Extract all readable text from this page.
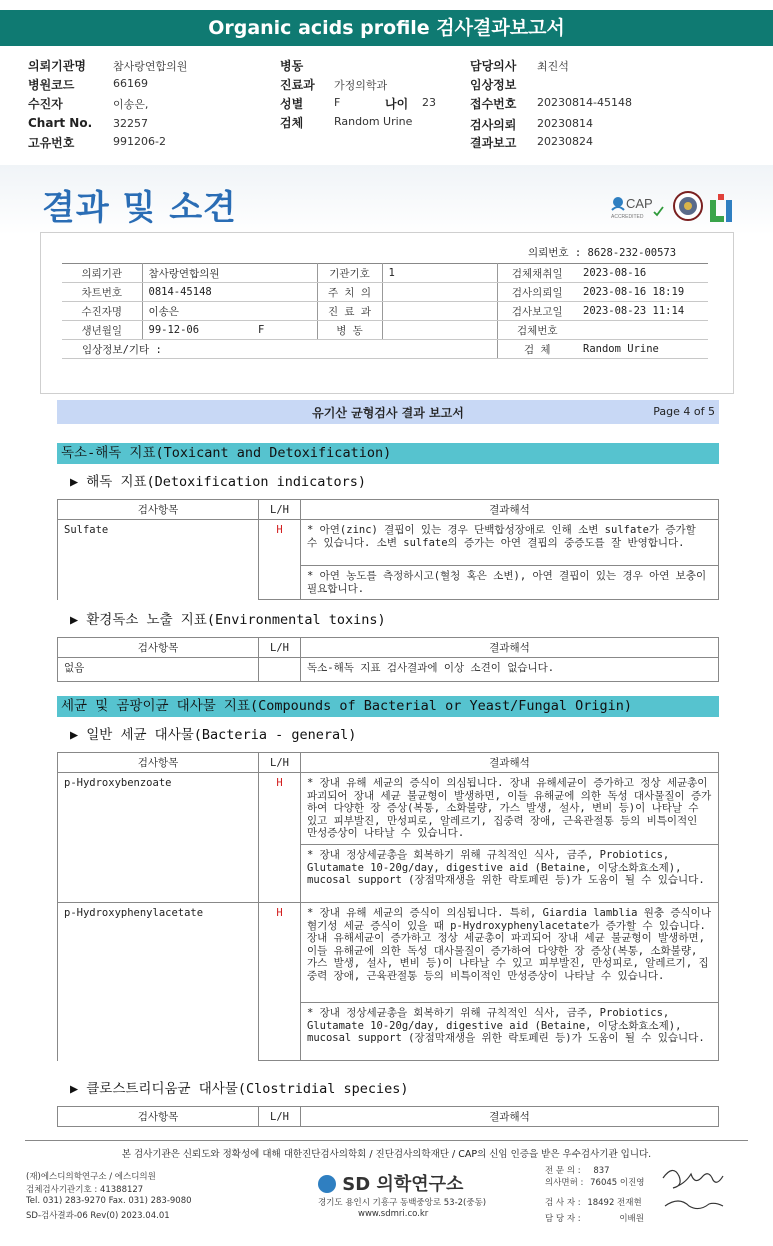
Organic acids profile 검사결과보고서
의뢰기관명 참사랑연합의원
병원코드	66169
수진자	이송은,
Chart No. 32257
고유번호	991206-2
병동
진료과 가정의학과
성별	F	나이 23
검체	Random Urine
담당의사 최진석
임상정보
접수번호 20230814-45148
검사의뢰 20230814
결과보고 20230824
결과 및 소견	CAP
ACCREDITED
의뢰번호 : 8628-232-00573
의뢰기관	참사랑연합의원		기관기호	1	검체채취일	2023-08-16
차트번호	0814-45148		주 치 의		검사의뢰일	2023-08-16 18:19
수진자명	이송은		진 료 과		검사보고일	2023-08-23 11:14
생년월일	99-12-06	F	병 동		검체번호	
임상정보/기타 :					검 체	Random Urine
유기산 균형검사 결과 보고서	Page 4 of 5
독소-해독 지표(Toxicant and Detoxification)
▶ 해독 지표(Detoxification indicators)
검사항목	L/H	결과해석
Sulfate	H	* 아연(zinc) 결핍이 있는 경우 단백합성장애로 인해 소변 sulfate가 증가할 수 있습니다. 소변 sulfate의 증가는 아연 결핍의 중증도를 잘 반영합니다.
		* 아연 농도를 측정하시고(혈청 혹은 소변), 아연 결핍이 있는 경우 아연 보충이 필요합니다.
▶ 환경독소 노출 지표(Environmental toxins)
검사항목	L/H	결과해석
없음		독소-해독 지표 검사결과에 이상 소견이 없습니다.
세균 및 곰팡이균 대사물 지표(Compounds of Bacterial or Yeast/Fungal Origin)
▶ 일반 세균 대사물(Bacteria - general)
검사항목	L/H	결과해석
p-Hydroxybenzoate	H	* 장내 유해 세균의 증식이 의심됩니다. 장내 유해세균이 증가하고 정상 세균총이 파괴되어 장내 세균 불균형이 발생하면, 이들 유해균에 의한 독성 대사물질이 증가하여 다양한 장 증상(복통, 소화불량, 가스 발생, 설사, 변비 등)이 나타날 수 있고 피부발진, 만성피로, 알레르기, 집중력 장애, 근육관절통 등의 비특이적인 만성증상이 나타날 수 있습니다.
		* 장내 정상세균총을 회복하기 위해 규칙적인 식사, 금주, Probiotics, Glutamate 10-20g/day, digestive aid (Betaine, 이당소화효소제), mucosal support (장점막재생을 위한 락토페린 등)가 도움이 될 수 있습니다.
p-Hydroxyphenylacetate	H	* 장내 유해 세균의 증식이 의심됩니다. 특히, Giardia lamblia 원충 증식이나 혐기성 세균 증식이 있을 때 p-Hydroxyphenylacetate가 증가할 수 있습니다. 장내 유해세균이 증가하고 정상 세균총이 파괴되어 장내 세균 불균형이 발생하면, 이들 유해균에 의한 독성 대사물질이 증가하여 다양한 장 증상(복통, 소화불량, 가스 발생, 설사, 변비 등)이 나타날 수 있고 피부발진, 만성피로, 알레르기, 집중력 장애, 근육관절통 등의 비특이적인 만성증상이 나타날 수 있습니다.
		* 장내 정상세균총을 회복하기 위해 규칙적인 식사, 금주, Probiotics, Glutamate 10-20g/day, digestive aid (Betaine, 이당소화효소제), mucosal support (장점막재생을 위한 락토페린 등)가 도움이 될 수 있습니다.
▶ 클로스트리디움균 대사물(Clostridial species)
검사항목	L/H	결과해석
본 검사기관은 신뢰도와 정확성에 대해 대한진단검사의학회 / 진단검사의학재단 / CAP의 신임 인증을 받은 우수검사기관 입니다.
(재)에스디의학연구소 / 에스디의원
검체검사기관기호 : 41388127
Tel. 031) 283-9270 Fax. 031) 283-9080
SD-검사결과-06 Rev(0) 2023.04.01
SD 의학연구소
경기도 용인시 기흥구 동백중앙로 53-2(중동)
www.sdmri.co.kr
전 문 의 : 837
의사면허 : 76045 이진영
검 사 자 : 18492 전재현
담 당 자 :	이배원
